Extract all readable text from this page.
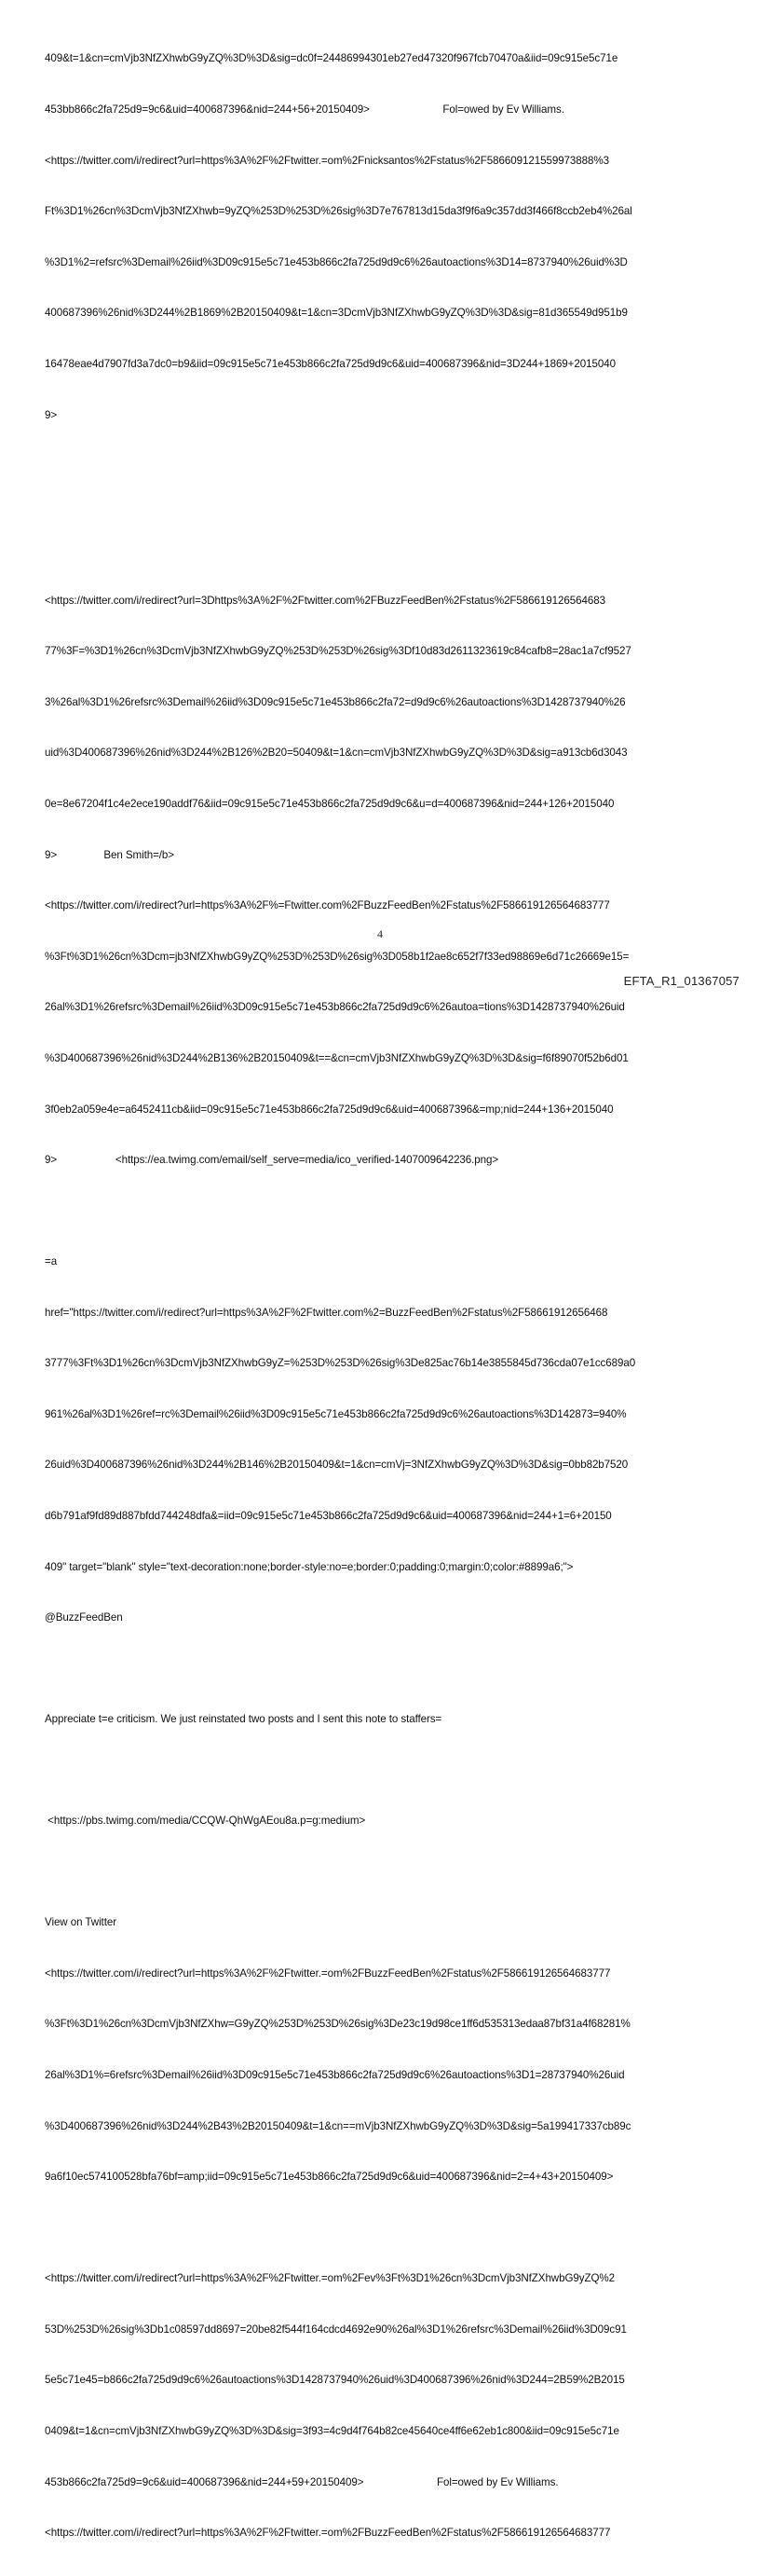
409&t=1&cn=cmVjb3NfZXhwbG9yZQ%3D%3D&sig=dc0f=24486994301eb27ed47320f967fcb70470a&iid=09c915e5c71e

453bb866c2fa725d9=9c6&uid=400687396&nid=244+56+20150409>                         Fol=owed by Ev Williams.

<https://twitter.com/i/redirect?url=https%3A%2F%2Ftwitter.=om%2Fnicksantos%2Fstatus%2F586609121559973888%3

Ft%3D1%26cn%3DcmVjb3NfZXhwb=9yZQ%253D%253D%26sig%3D7e767813d15da3f9f6a9c357dd3f466f8ccb2eb4%26al

%3D1%2=refsrc%3Demail%26iid%3D09c915e5c71e453b866c2fa725d9d9c6%26autoactions%3D14=8737940%26uid%3D

400687396%26nid%3D244%2B1869%2B20150409&t=1&cn=3DcmVjb3NfZXhwbG9yZQ%3D%3D&sig=81d365549d951b9

16478eae4d7907fd3a7dc0=b9&iid=09c915e5c71e453b866c2fa725d9d9c6&uid=400687396&nid=3D244+1869+2015040

9>

<https://twitter.com/i/redirect?url=3Dhttps%3A%2F%2Ftwitter.com%2FBuzzFeedBen%2Fstatus%2F586619126564683

77%3F=%3D1%26cn%3DcmVjb3NfZXhwbG9yZQ%253D%253D%26sig%3Df10d83d2611323619c84cafb8=28ac1a7cf9527

3%26al%3D1%26refsrc%3Demail%26iid%3D09c915e5c71e453b866c2fa72=d9d9c6%26autoactions%3D1428737940%26

uid%3D400687396%26nid%3D244%2B126%2B20=50409&t=1&cn=cmVjb3NfZXhwbG9yZQ%3D%3D&sig=a913cb6d3043

0e=8e67204f1c4e2ece190addf76&iid=09c915e5c71e453b866c2fa725d9d9c6&u=d=400687396&nid=244+126+2015040

9>                Ben Smith=/b>

<https://twitter.com/i/redirect?url=https%3A%2F%=Ftwitter.com%2FBuzzFeedBen%2Fstatus%2F586619126564683777

%3Ft%3D1%26cn%3Dcm=jb3NfZXhwbG9yZQ%253D%253D%26sig%3D058b1f2ae8c652f7f33ed98869e6d71c26669e15=

26al%3D1%26refsrc%3Demail%26iid%3D09c915e5c71e453b866c2fa725d9d9c6%26autoa=tions%3D1428737940%26uid

%3D400687396%26nid%3D244%2B136%2B20150409&t==&cn=cmVjb3NfZXhwbG9yZQ%3D%3D&sig=f6f89070f52b6d01

3f0eb2a059e4e=a6452411cb&iid=09c915e5c71e453b866c2fa725d9d9c6&uid=400687396&=mp;nid=244+136+2015040

9>                    <https://ea.twimg.com/email/self_serve=media/ico_verified-1407009642236.png>

=a

href="https://twitter.com/i/redirect?url=https%3A%2F%2Ftwitter.com%2=BuzzFeedBen%2Fstatus%2F58661912656468

3777%3Ft%3D1%26cn%3DcmVjb3NfZXhwbG9yZ=%253D%253D%26sig%3De825ac76b14e3855845d736cda07e1cc689a0

961%26al%3D1%26ref=rc%3Demail%26iid%3D09c915e5c71e453b866c2fa725d9d9c6%26autoactions%3D142873=940%

26uid%3D400687396%26nid%3D244%2B146%2B20150409&t=1&cn=cmVj=3NfZXhwbG9yZQ%3D%3D&sig=0bb82b7520

d6b791af9fd89d887bfdd744248dfa&=iid=09c915e5c71e453b866c2fa725d9d9c6&uid=400687396&nid=244+1=6+20150

409" target="blank" style="text-decoration:none;border-style:no=e;border:0;padding:0;margin:0;color:#8899a6;">

@BuzzFeedBen

Appreciate t=e criticism. We just reinstated two posts and I sent this note to staffers=

<https://pbs.twimg.com/media/CCQW-QhWgAEou8a.p=g:medium>

View on Twitter

<https://twitter.com/i/redirect?url=https%3A%2F%2Ftwitter.=om%2FBuzzFeedBen%2Fstatus%2F586619126564683777

%3Ft%3D1%26cn%3DcmVjb3NfZXhw=G9yZQ%253D%253D%26sig%3De23c19d98ce1ff6d535313edaa87bf31a4f68281%

26al%3D1%=6refsrc%3Demail%26iid%3D09c915e5c71e453b866c2fa725d9d9c6%26autoactions%3D1=28737940%26uid

%3D400687396%26nid%3D244%2B43%2B20150409&t=1&cn==mVjb3NfZXhwbG9yZQ%3D%3D&sig=5a199417337cb89c

9a6f10ec574100528bfa76bf=amp;iid=09c915e5c71e453b866c2fa725d9d9c6&uid=400687396&nid=2=4+43+20150409>

<https://twitter.com/i/redirect?url=https%3A%2F%2Ftwitter.=om%2Fev%3Ft%3D1%26cn%3DcmVjb3NfZXhwbG9yZQ%2

53D%253D%26sig%3Db1c08597dd8697=20be82f544f164cdcd4692e90%26al%3D1%26refsrc%3Demail%26iid%3D09c91

5e5c71e45=b866c2fa725d9d9c6%26autoactions%3D1428737940%26uid%3D400687396%26nid%3D244=2B59%2B2015

0409&t=1&cn=cmVjb3NfZXhwbG9yZQ%3D%3D&sig=3f93=4c9d4f764b82ce45640ce4ff6e62eb1c800&iid=09c915e5c71e

453b866c2fa725d9=9c6&uid=400687396&nid=244+59+20150409>                         Fol=owed by Ev Williams.

<https://twitter.com/i/redirect?url=https%3A%2F%2Ftwitter.=om%2FBuzzFeedBen%2Fstatus%2F586619126564683777

4
EFTA_R1_01367057
